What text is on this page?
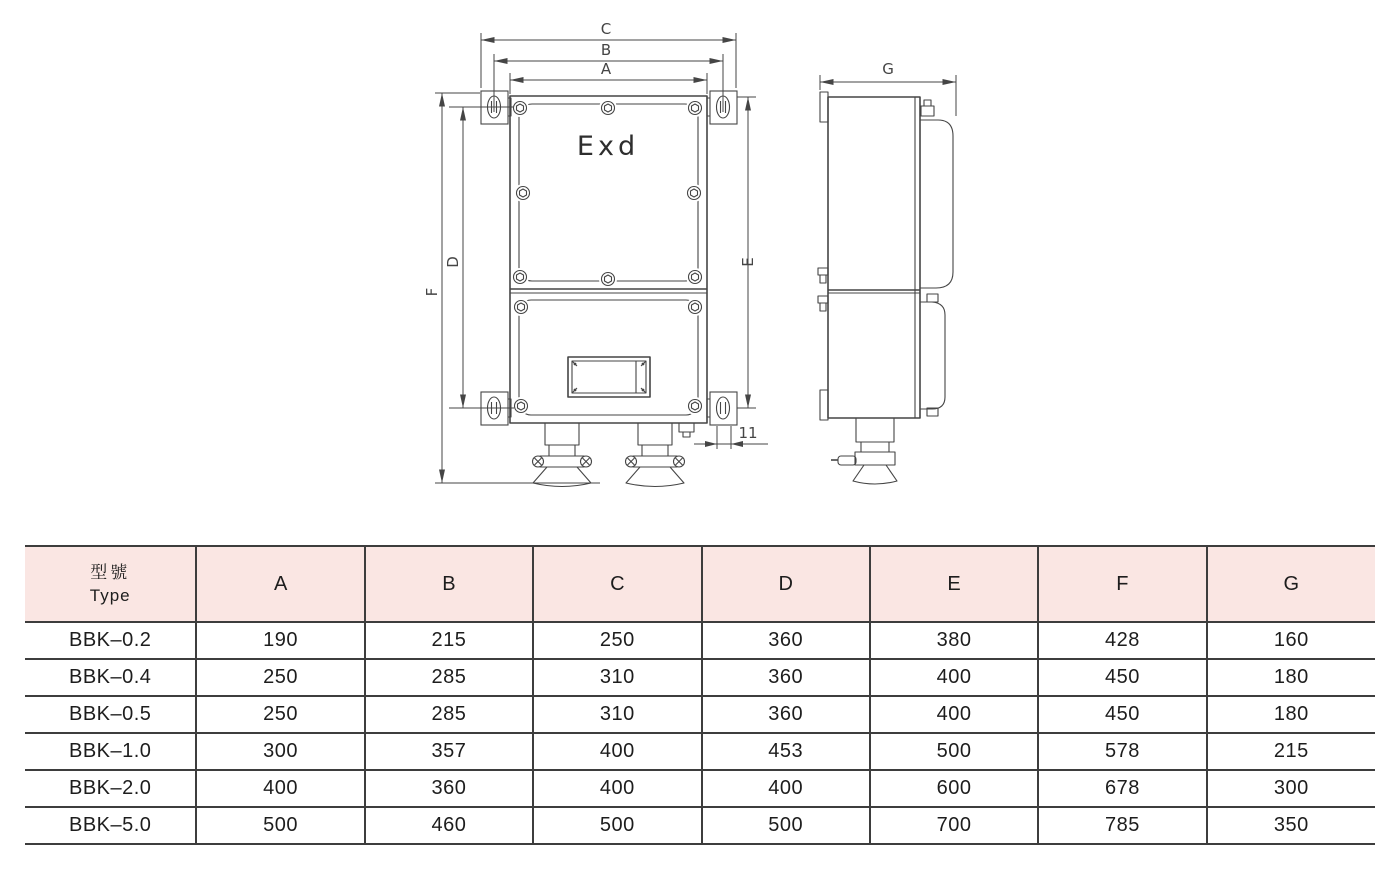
Exd
C
B
A
F
D	E
G
11
型號
Type	A	B	C	D	E	F	G
BBK–0.2	190	215	250	360	380	428	160
BBK–0.4	250	285	310	360	400	450	180
BBK–0.5	250	285	310	360	400	450	180
BBK–1.0	300	357	400	453	500	578	215
BBK–2.0	400	360	400	400	600	678	300
BBK–5.0	500	460	500	500	700	785	350
